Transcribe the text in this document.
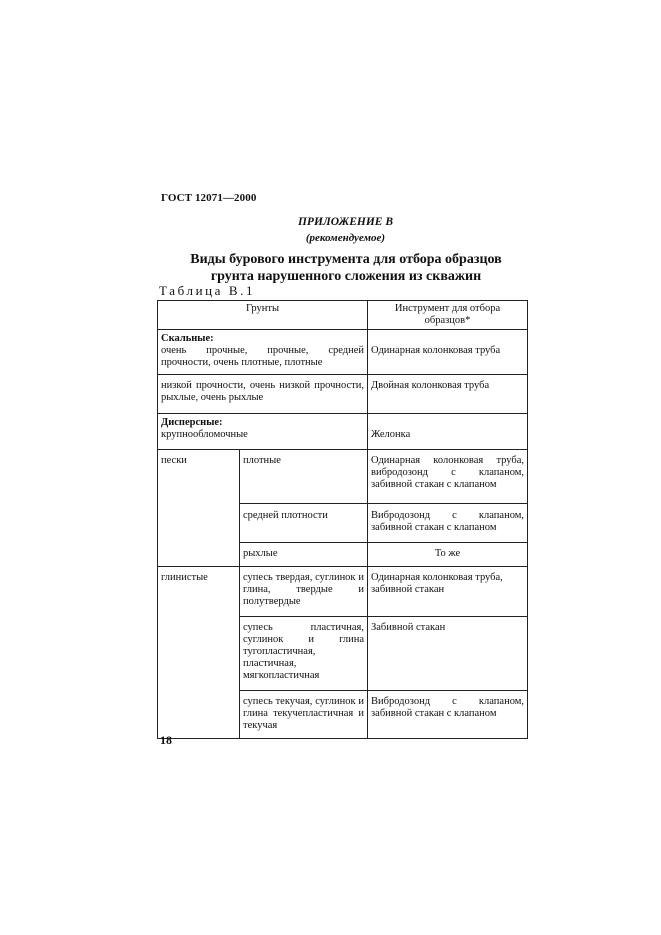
ГОСТ 12071—2000
ПРИЛОЖЕНИЕ В
(рекомендуемое)
Виды бурового инструмента для отбора образцов
грунта нарушенного сложения из скважин
Таблица В.1
Грунты		Инструмент для отбора образцов*

Скальные:
очень прочные, прочные, средней прочности, очень плотные, плотные		Одинарная колонковая труба

низкой прочности, очень низкой прочности, рыхлые, очень рыхлые		Двойная колонковая труба

Дисперсные:
крупнообломочные		Желонка
пески	плотные	Одинарная колонковая труба, вибродозонд с клапаном, забивной стакан с клапаном

	средней плотности	Вибродозонд с клапаном, забивной стакан с клапаном

	рыхлые	То же

глинистые	супесь твердая, суглинок и глина, твердые и полутвердые	Одинарная колонковая труба, забивной стакан

	супесь пластичная, суглинок и глина тугопластичная, пластичная, мягкопластичная	Забивной стакан

	супесь текучая, суглинок и глина текучепластичная и текучая	Вибродозонд с клапаном, забивной стакан с клапаном
18
